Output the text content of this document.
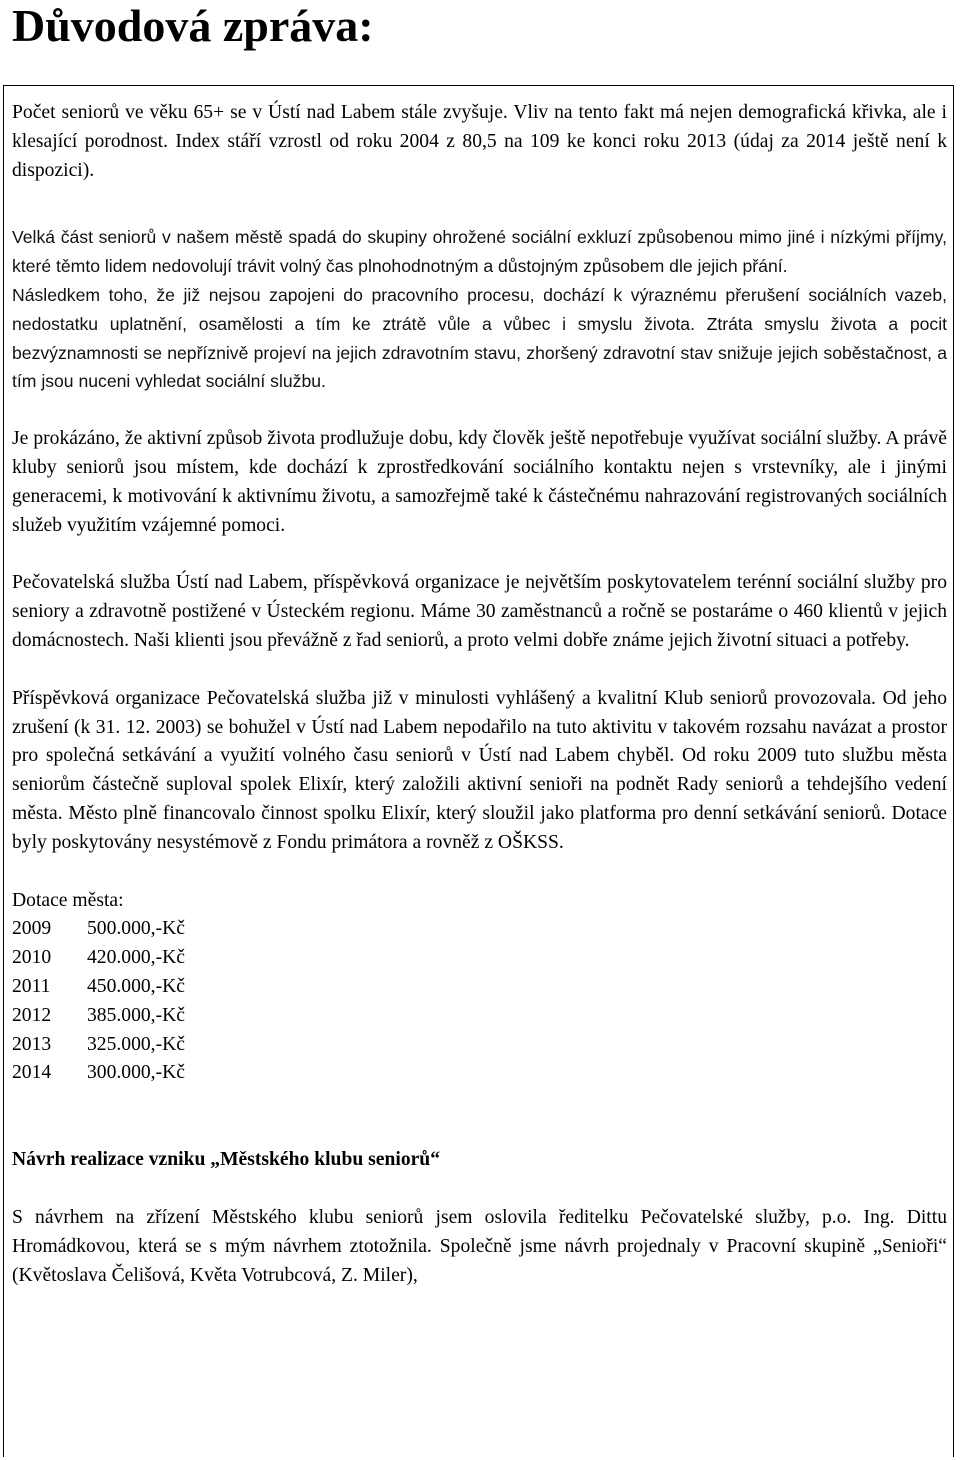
Důvodová zpráva:

Počet seniorů ve věku 65+ se v Ústí nad Labem stále zvyšuje. Vliv na tento fakt má nejen demografická křivka, ale i klesající porodnost. Index stáří vzrostl od roku 2004 z 80,5 na 109 ke konci roku 2013 (údaj za 2014 ještě není k dispozici).

Velká část seniorů v našem městě spadá do skupiny ohrožené sociální exkluzí způsobenou mimo jiné i nízkými příjmy, které těmto lidem nedovolují trávit volný čas plnohodnotným a důstojným způsobem dle jejich přání.

Následkem toho, že již nejsou zapojeni do pracovního procesu, dochází k výraznému přerušení sociálních vazeb, nedostatku uplatnění, osamělosti a tím ke ztrátě vůle a vůbec i smyslu života. Ztráta smyslu života a pocit bezvýznamnosti se nepříznivě projeví na jejich zdravotním stavu, zhoršený zdravotní stav snižuje jejich soběstačnost, a tím jsou nuceni vyhledat sociální službu.

Je prokázáno, že aktivní způsob života prodlužuje dobu, kdy člověk ještě nepotřebuje využívat sociální služby. A právě kluby seniorů jsou místem, kde dochází k zprostředkování sociálního kontaktu nejen s vrstevníky, ale i jinými generacemi, k motivování k aktivnímu životu, a samozřejmě také k částečnému nahrazování registrovaných sociálních služeb využitím vzájemné pomoci.

Pečovatelská služba Ústí nad Labem, příspěvková organizace je největším poskytovatelem terénní sociální služby pro seniory a zdravotně postižené v Ústeckém regionu. Máme 30 zaměstnanců a ročně se postaráme o 460 klientů v jejich domácnostech. Naši klienti jsou převážně z řad seniorů, a proto velmi dobře známe jejich životní situaci a potřeby.

Příspěvková organizace Pečovatelská služba již v minulosti vyhlášený a kvalitní Klub seniorů provozovala. Od jeho zrušení (k 31. 12. 2003) se bohužel v Ústí nad Labem nepodařilo na tuto aktivitu v takovém rozsahu navázat a prostor pro společná setkávání a využití volného času seniorů v Ústí nad Labem chyběl. Od roku 2009 tuto službu města seniorům částečně suploval spolek Elixír, který založili aktivní senioři na podnět Rady seniorů a tehdejšího vedení města. Město plně financovalo činnost spolku Elixír, který sloužil jako platforma pro denní setkávání seniorů. Dotace byly poskytovány nesystémově z Fondu primátora a rovněž z OŠKSS.

Dotace města:

2009	500.000,-Kč
2010	420.000,-Kč
2011	450.000,-Kč
2012	385.000,-Kč
2013	325.000,-Kč
2014	300.000,-Kč

Návrh realizace vzniku „Městského klubu seniorů“

S návrhem na zřízení Městského klubu seniorů jsem oslovila ředitelku Pečovatelské služby, p.o. Ing. Dittu Hromádkovou, která se s mým návrhem ztotožnila. Společně jsme návrh projednaly v Pracovní skupině „Senioři“ (Květoslava Čelišová, Květa Votrubcová, Z. Miler),
